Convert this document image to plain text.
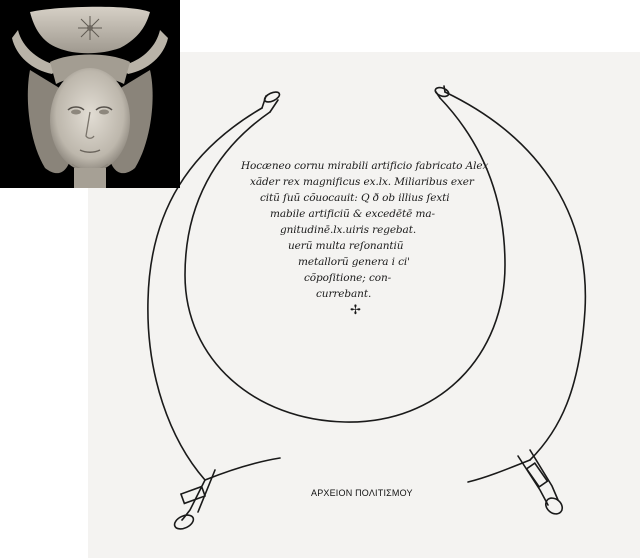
Hocæneo cornu mirabili artificio fabricato Alex
xãder rex magnificus ex.lx. Miliaribus exer
citũ ſuũ cõuocauit: Q ð ob illius ſexti
mabile artificiũ & excedētē ma-
gnitudinē.lx.uiris regebat.
uerũ multa reſonantiũ
metallorũ genera i ci'
cõpoſitione; con-
currebant.
✢
ΑΡΧΕΙΟΝ ΠΟΛΙΤΙΣΜΟΥ
